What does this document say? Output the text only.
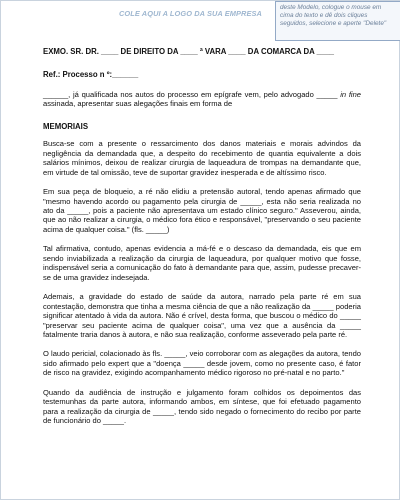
COLE AQUI A LOGO DA SUA EMPRESA
deste Modelo, cologue o mouse em cima do texto e dê dois cliques seguidos, selecione e aperte "Delete"
EXMO. SR. DR. ____ DE DIREITO DA ____ ª VARA ____ DA COMARCA DA ____
Ref.: Processo n º:______

______, já qualificada nos autos do processo em epígrafe vem, pelo advogado _____ in fine assinada, apresentar suas alegações finais em forma de

MEMORIAIS

Busca-se com a presente o ressarcimento dos danos materiais e morais advindos da negligência da demandada que, a despeito do recebimento de quantia equivalente a dois salários mínimos, deixou de realizar cirurgia de laqueadura de trompas na demandante que, em virtude de tal omissão, teve de suportar gravidez inesperada e de altíssimo risco.

Em sua peça de bloqueio, a ré não elidiu a pretensão autoral, tendo apenas afirmado que "mesmo havendo acordo ou pagamento pela cirurgia de _____, esta não seria realizada no ato da _____, pois a paciente não apresentava um estado clínico seguro." Asseverou, ainda, que ao não realizar a cirurgia, o médico fora ético e responsável, "preservando o seu paciente acima de qualquer coisa." (fls. _____)

Tal afirmativa, contudo, apenas evidencia a má-fé e o descaso da demandada, eis que em sendo inviabilizada a realização da cirurgia de laqueadura, por qualquer motivo que fosse, indispensável seria a comunicação do fato à demandante para que, assim, pudesse precaver-se de uma gravidez indesejada.

Ademais, a gravidade do estado de saúde da autora, narrado pela parte ré em sua contestação, demonstra que tinha a mesma ciência de que a não realização da _____ poderia significar atentado à vida da autora. Não é crível, desta forma, que buscou o médico do _____ "preservar seu paciente acima de qualquer coisa", uma vez que a ausência da _____ fatalmente traria danos à autora, e não sua realização, conforme asseverado pela parte ré.

O laudo pericial, colacionado às fls. _____, veio corroborar com as alegações da autora, tendo sido afirmado pelo expert que a "doença _____ desde jovem, como no presente caso, é fator de risco na gravidez, exigindo acompanhamento médico rigoroso no pré-natal e no parto."

Quando da audiência de instrução e julgamento foram colhidos os depoimentos das testemunhas da parte autora, informando ambos, em síntese, que foi efetuado pagamento para a realização da cirurgia de _____, tendo sido negado o fornecimento do recibo por parte de funcionário do _____.
